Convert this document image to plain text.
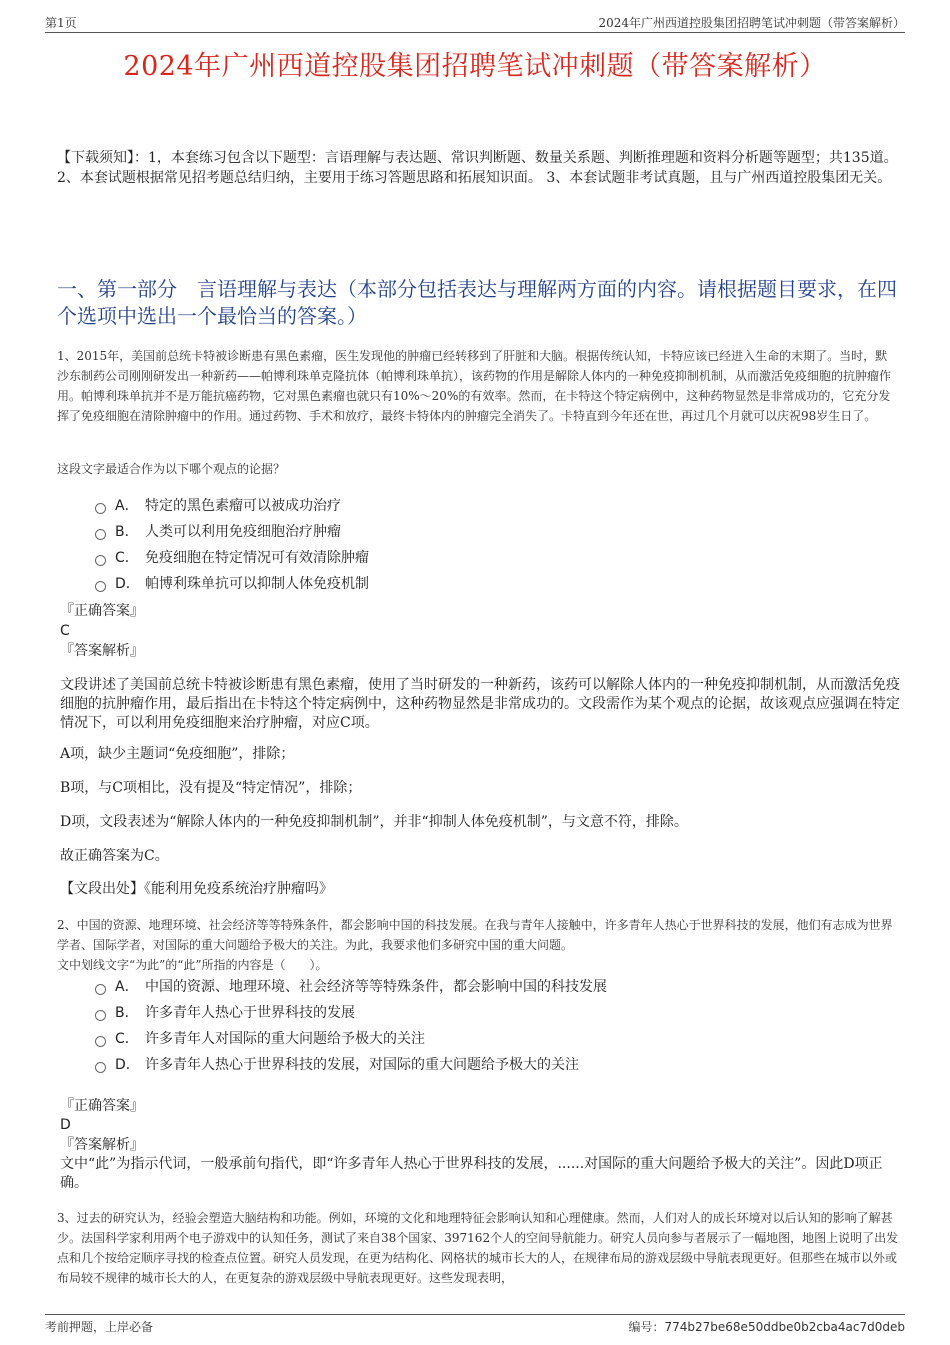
第1页	2024年广州西道控股集团招聘笔试冲刺题（带答案解析）
2024年广州西道控股集团招聘笔试冲刺题（带答案解析）
【下载须知】：1，本套练习包含以下题型：言语理解与表达题、常识判断题、数量关系题、判断推理题和资料分析题等题型；共135道。 2、本套试题根据常见招考题总结归纳，主要用于练习答题思路和拓展知识面。 3、本套试题非考试真题，且与广州西道控股集团无关。
一、第一部分　言语理解与表达（本部分包括表达与理解两方面的内容。请根据题目要求，在四个选项中选出一个最恰当的答案。）
1、2015年，美国前总统卡特被诊断患有黑色素瘤，医生发现他的肿瘤已经转移到了肝脏和大脑。根据传统认知，卡特应该已经进入生命的末期了。当时，默沙东制药公司刚刚研发出一种新药——帕博利珠单克隆抗体（帕博利珠单抗），该药物的作用是解除人体内的一种免疫抑制机制，从而激活免疫细胞的抗肿瘤作用。帕博利珠单抗并不是万能抗癌药物，它对黑色素瘤也就只有10%～20%的有效率。然而，在卡特这个特定病例中，这种药物显然是非常成功的，它充分发挥了免疫细胞在清除肿瘤中的作用。通过药物、手术和放疗，最终卡特体内的肿瘤完全消失了。卡特直到今年还在世，再过几个月就可以庆祝98岁生日了。
这段文字最适合作为以下哪个观点的论据？
A． 特定的黑色素瘤可以被成功治疗
B． 人类可以利用免疫细胞治疗肿瘤
C． 免疫细胞在特定情况可有效清除肿瘤
D． 帕博利珠单抗可以抑制人体免疫机制
『正确答案』
C
『答案解析』
文段讲述了美国前总统卡特被诊断患有黑色素瘤，使用了当时研发的一种新药，该药可以解除人体内的一种免疫抑制机制，从而激活免疫细胞的抗肿瘤作用，最后指出在卡特这个特定病例中，这种药物显然是非常成功的。文段需作为某个观点的论据，故该观点应强调在特定情况下，可以利用免疫细胞来治疗肿瘤，对应C项。
A项，缺少主题词“免疫细胞”，排除；
B项，与C项相比，没有提及“特定情况”，排除；
D项，文段表述为“解除人体内的一种免疫抑制机制”，并非“抑制人体免疫机制”，与文意不符，排除。
故正确答案为C。
【文段出处】《能利用免疫系统治疗肿瘤吗》
2、中国的资源、地理环境、社会经济等等特殊条件，都会影响中国的科技发展。在我与青年人接触中，许多青年人热心于世界科技的发展，他们有志成为世界学者、国际学者，对国际的重大问题给予极大的关注。为此，我要求他们多研究中国的重大问题。
文中划线文字“为此”的“此”所指的内容是（　　）。
A． 中国的资源、地理环境、社会经济等等特殊条件，都会影响中国的科技发展
B． 许多青年人热心于世界科技的发展
C． 许多青年人对国际的重大问题给予极大的关注
D． 许多青年人热心于世界科技的发展，对国际的重大问题给予极大的关注
『正确答案』
D
『答案解析』
文中“此”为指示代词，一般承前句指代，即“许多青年人热心于世界科技的发展，......对国际的重大问题给予极大的关注”。因此D项正确。
3、过去的研究认为，经验会塑造大脑结构和功能。例如，环境的文化和地理特征会影响认知和心理健康。然而，人们对人的成长环境对以后认知的影响了解甚少。法国科学家利用两个电子游戏中的认知任务，测试了来自38个国家、397162个人的空间导航能力。研究人员向参与者展示了一幅地图，地图上说明了出发点和几个按给定顺序寻找的检查点位置。研究人员发现，在更为结构化、网格状的城市长大的人，在规律布局的游戏层级中导航表现更好。但那些在城市以外或布局较不规律的城市长大的人，在更复杂的游戏层级中导航表现更好。这些发现表明，
考前押题，上岸必备	编号：774b27be68e50ddbe0b2cba4ac7d0deb
